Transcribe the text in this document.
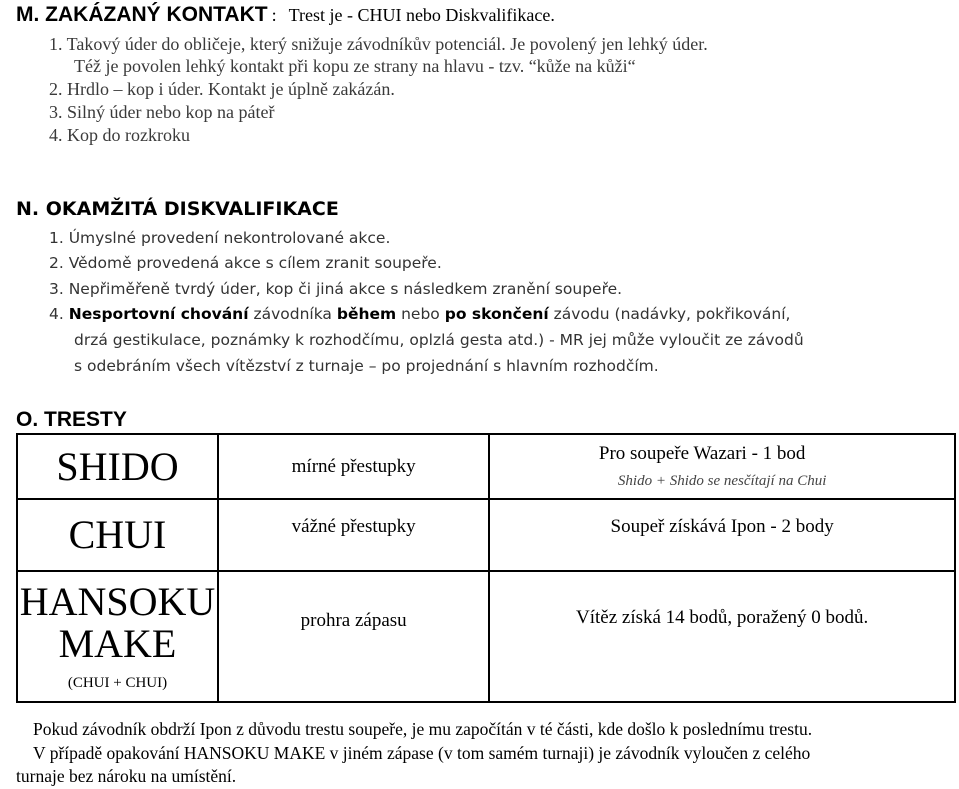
M. ZAKÁZANÝ KONTAKT : Trest je - CHUI nebo Diskvalifikace.
1. Takový úder do obličeje, který snižuje závodníkův potenciál. Je povolený jen lehký úder.
Též je povolen lehký kontakt při kopu ze strany na hlavu - tzv. “kůže na kůži“
2. Hrdlo – kop i úder. Kontakt je úplně zakázán.
3. Silný úder nebo kop na páteř
4. Kop do rozkroku
N. OKAMŽITÁ DISKVALIFIKACE
1. Úmyslné provedení nekontrolované akce.
2. Vědomě provedená akce s cílem zranit soupeře.
3. Nepřiměřeně tvrdý úder, kop či jiná akce s následkem zranění soupeře.
4. Nesportovní chování závodníka během nebo po skončení závodu (nadávky, pokřikování,
drzá gestikulace, poznámky k rozhodčímu, oplzlá gesta atd.) - MR jej může vyloučit ze závodů
s odebráním všech vítězství z turnaje – po projednání s hlavním rozhodčím.
O. TRESTY
SHIDO	mírné přestupky	Pro soupeře Wazari - 1 bod
Shido + Shido se nesčítají na Chui

CHUI	vážné přestupky	Soupeř získává Ipon - 2 body

HANSOKU
MAKE
(CHUI + CHUI)	prohra zápasu	Vítěz získá 14 bodů, poražený 0 bodů.
Pokud závodník obdrží Ipon z důvodu trestu soupeře, je mu započítán v té části, kde došlo k poslednímu trestu.
V případě opakování HANSOKU MAKE v jiném zápase (v tom samém turnaji) je závodník vyloučen z celého
turnaje bez nároku na umístění.
